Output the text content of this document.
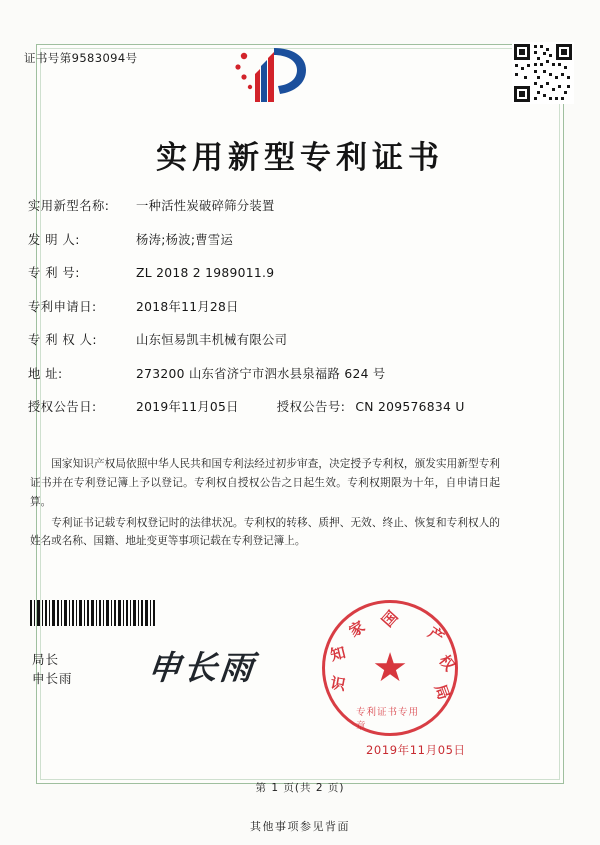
证书号第9583094号
实用新型专利证书
实用新型名称:	一种活性炭破碎筛分装置
发 明 人:	杨涛;杨波;曹雪运
专 利 号:	ZL 2018 2 1989011.9
专利申请日:	2018年11月28日
专 利 权 人:	山东恒易凯丰机械有限公司
地 址:	273200 山东省济宁市泗水县泉福路 624 号
授权公告日:	2019年11月05日	授权公告号: CN 209576834 U
国家知识产权局依照中华人民共和国专利法经过初步审查，决定授予专利权，颁发实用新型专利证书并在专利登记簿上予以登记。专利权自授权公告之日起生效。专利权期限为十年，自申请日起算。
专利证书记载专利权登记时的法律状况。专利权的转移、质押、无效、终止、恢复和专利权人的姓名或名称、国籍、地址变更等事项记载在专利登记簿上。
局长
申长雨 申长雨	★
国
家
知
识
产
权
局
专利证书专用章
2019年11月05日
第 1 页(共 2 页)
其他事项参见背面
